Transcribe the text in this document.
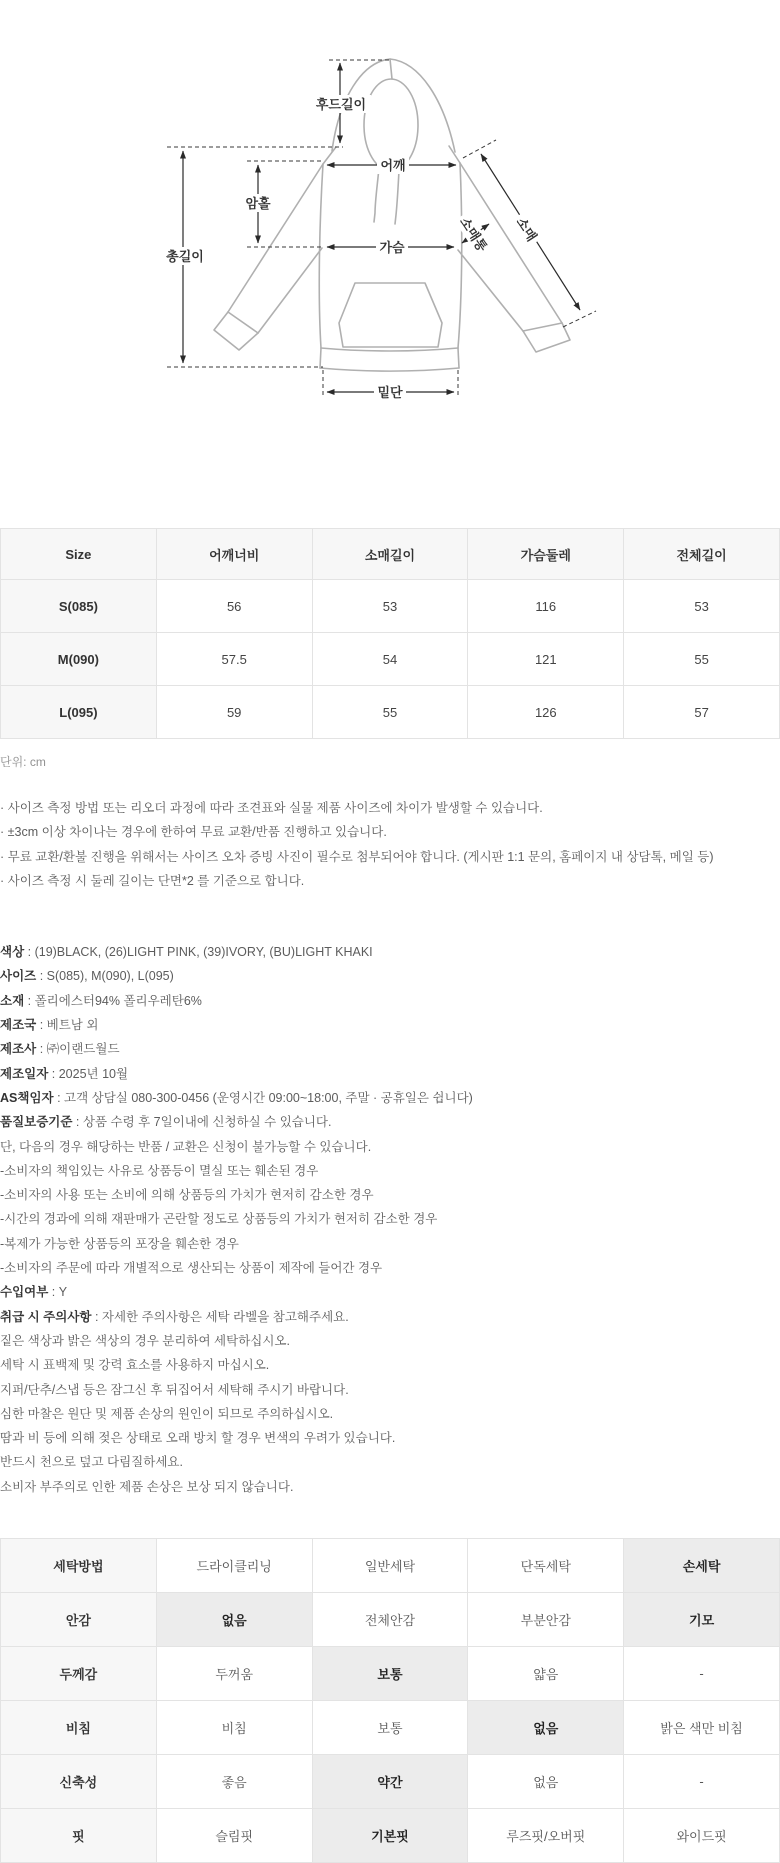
후드길이
어깨
암홀
총길이
가슴
밑단
소매
소매통
Size	어깨너비	소매길이	가슴둘레	전체길이
S(085)	56	53	116	53
M(090)	57.5	54	121	55
L(095)	59	55	126	57

단위: cm

· 사이즈 측정 방법 또는 리오더 과정에 따라 조견표와 실물 제품 사이즈에 차이가 발생할 수 있습니다.
· ±3cm 이상 차이나는 경우에 한하여 무료 교환/반품 진행하고 있습니다.
· 무료 교환/환불 진행을 위해서는 사이즈 오차 증빙 사진이 필수로 첨부되어야 합니다. (게시판 1:1 문의, 홈페이지 내 상담톡, 메일 등)
· 사이즈 측정 시 둘레 길이는 단면*2 를 기준으로 합니다.

색상 : (19)BLACK, (26)LIGHT PINK, (39)IVORY, (BU)LIGHT KHAKI

사이즈 : S(085), M(090), L(095)

소재 : 폴리에스터94% 폴리우레탄6%

제조국 : 베트남 외

제조사 : ㈜이랜드월드

제조일자 : 2025년 10월

AS책임자 : 고객 상담실 080-300-0456 (운영시간 09:00~18:00, 주말 · 공휴일은 쉽니다)

품질보증기준 : 상품 수령 후 7일이내에 신청하실 수 있습니다.

단, 다음의 경우 해당하는 반품 / 교환은 신청이 불가능할 수 있습니다.

-소비자의 책임있는 사유로 상품등이 멸실 또는 훼손된 경우

-소비자의 사용 또는 소비에 의해 상품등의 가치가 현저히 감소한 경우

-시간의 경과에 의해 재판매가 곤란할 정도로 상품등의 가치가 현저히 감소한 경우

-복제가 가능한 상품등의 포장을 훼손한 경우

-소비자의 주문에 따라 개별적으로 생산되는 상품이 제작에 들어간 경우

수입여부 : Y

취급 시 주의사항 : 자세한 주의사항은 세탁 라벨을 참고해주세요.

짙은 색상과 밝은 색상의 경우 분리하여 세탁하십시오.

세탁 시 표백제 및 강력 효소를 사용하지 마십시오.

지퍼/단추/스냅 등은 잠그신 후 뒤집어서 세탁해 주시기 바랍니다.

심한 마찰은 원단 및 제품 손상의 원인이 되므로 주의하십시오.

땀과 비 등에 의해 젖은 상태로 오래 방치 할 경우 변색의 우려가 있습니다.

반드시 천으로 덮고 다림질하세요.

소비자 부주의로 인한 제품 손상은 보상 되지 않습니다.

세탁방법	드라이클리닝	일반세탁	단독세탁	손세탁
안감	없음	전체안감	부분안감	기모
두께감	두꺼움	보통	얇음	-
비침	비침	보통	없음	밝은 색만 비침
신축성	좋음	약간	없음	-
핏	슬림핏	기본핏	루즈핏/오버핏	와이드핏
